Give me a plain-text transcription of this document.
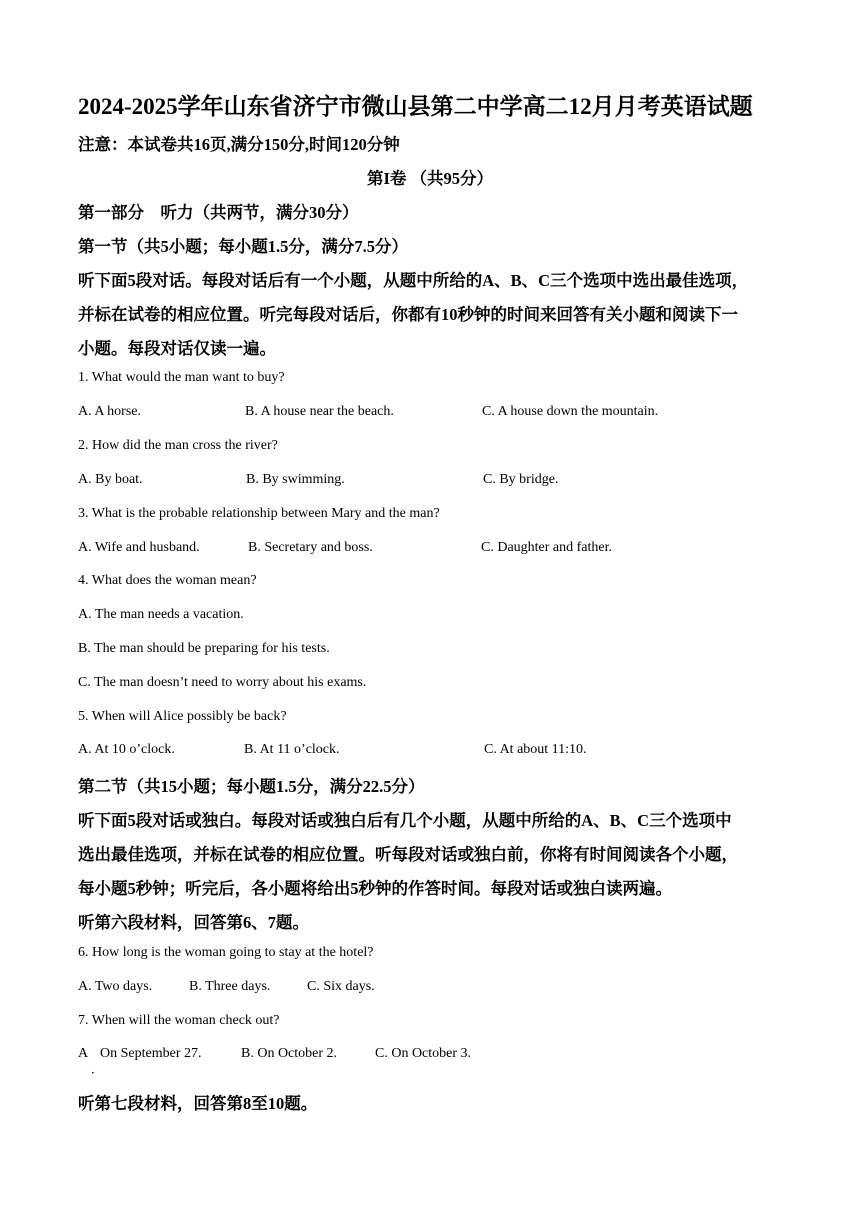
2024-2025学年山东省济宁市微山县第二中学高二12月月考英语试题
注意：本试卷共16页,满分150分,时间120分钟
第I卷 （共95分）
第一部分　听力（共两节，满分30分）
第一节（共5小题；每小题1.5分，满分7.5分）
听下面5段对话。每段对话后有一个小题，从题中所给的A、B、C三个选项中选出最佳选项，
并标在试卷的相应位置。听完每段对话后，你都有10秒钟的时间来回答有关小题和阅读下一
小题。每段对话仅读一遍。
1. What would the man want to buy?
A. A horse.	B. A house near the beach.	C. A house down the mountain.
2. How did the man cross the river?
A. By boat.	B. By swimming.	C. By bridge.
3. What is the probable relationship between Mary and the man?
A. Wife and husband.	B. Secretary and boss.	C. Daughter and father.
4. What does the woman mean?
A. The man needs a vacation.
B. The man should be preparing for his tests.
C. The man doesn’t need to worry about his exams.
5. When will Alice possibly be back?
A. At 10 o’clock.	B. At 11 o’clock.	C. At about 11:10.
第二节（共15小题；每小题1.5分，满分22.5分）
听下面5段对话或独白。每段对话或独白后有几个小题，从题中所给的A、B、C三个选项中
选出最佳选项，并标在试卷的相应位置。听每段对话或独白前，你将有时间阅读各个小题，
每小题5秒钟；听完后，各小题将给出5秒钟的作答时间。每段对话或独白读两遍。
听第六段材料，回答第6、7题。
6. How long is the woman going to stay at the hotel?
A. Two days.	B. Three days.	C. Six days.
7. When will the woman check out?
A On September 27.	B. On October 2.	C. On October 3.
．
听第七段材料，回答第8至10题。
